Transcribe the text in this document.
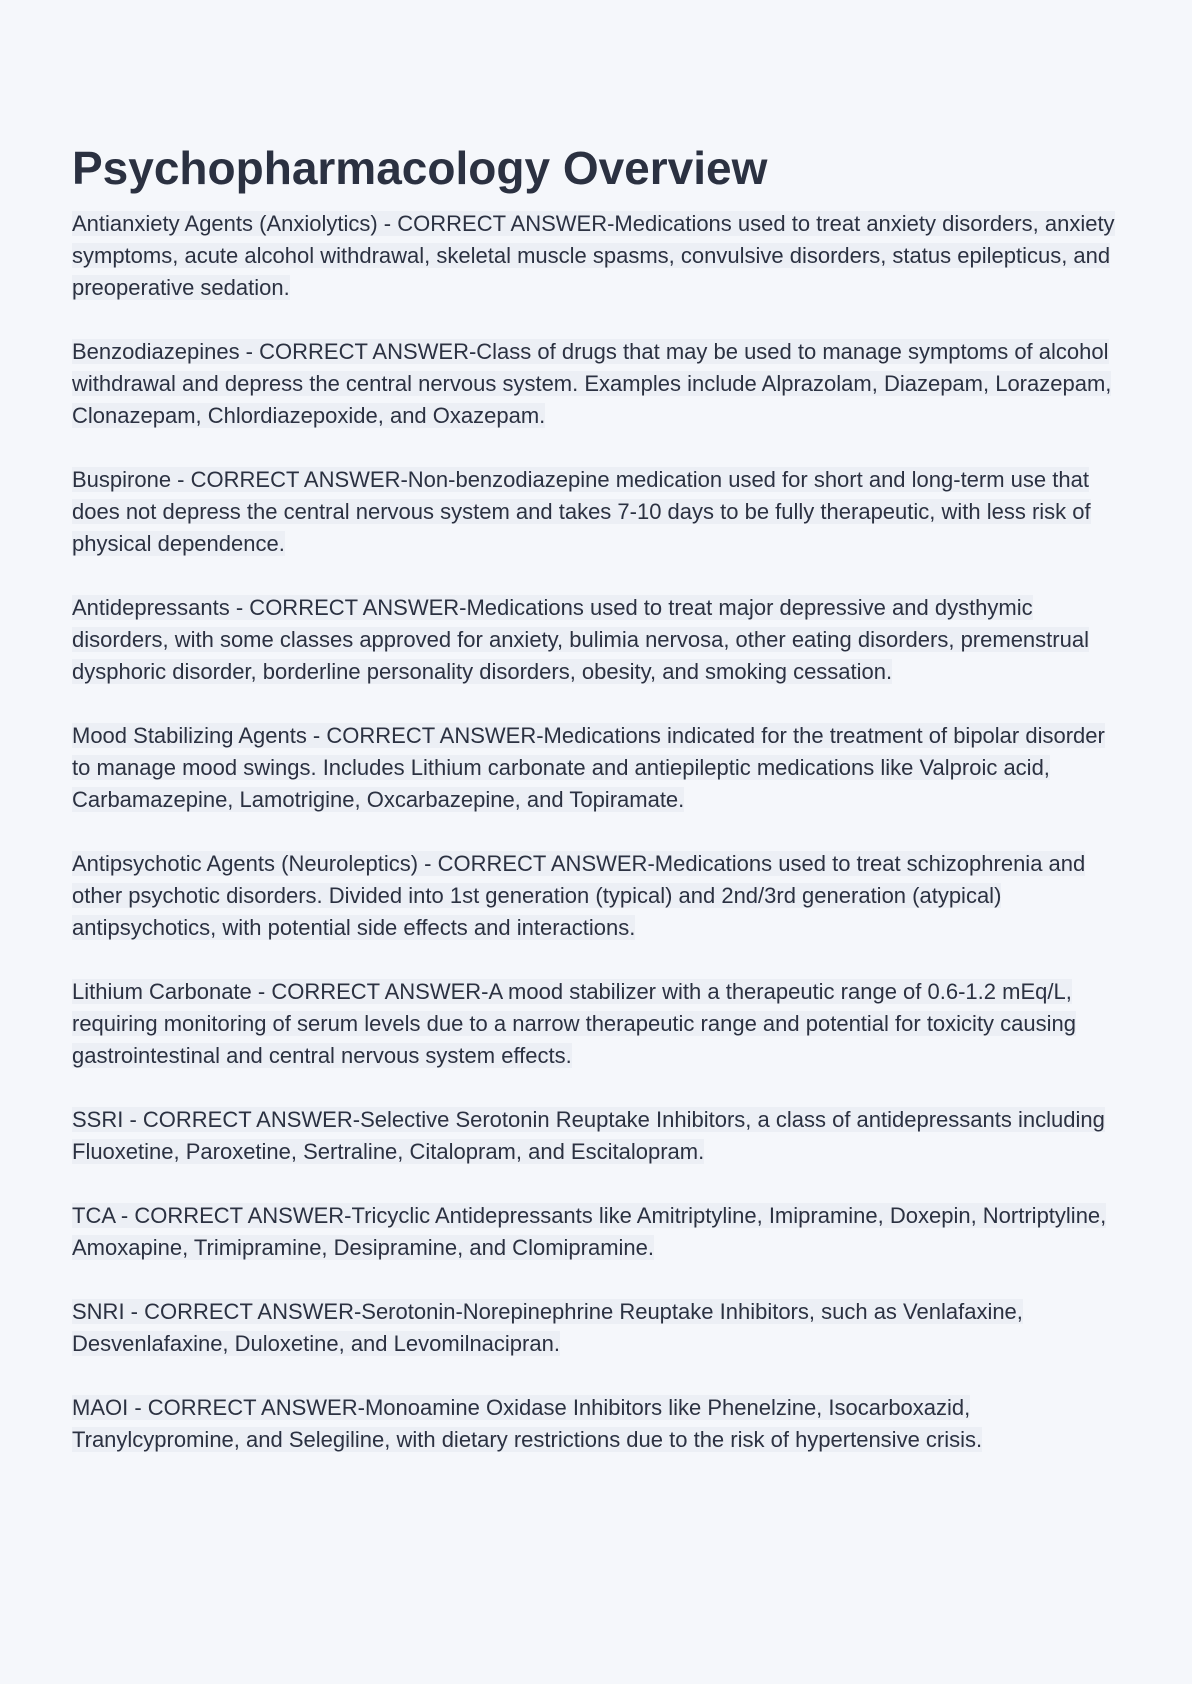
Psychopharmacology Overview

Antianxiety Agents (Anxiolytics) - CORRECT ANSWER-Medications used to treat anxiety disorders, anxiety symptoms, acute alcohol withdrawal, skeletal muscle spasms, convulsive disorders, status epilepticus, and preoperative sedation.

Benzodiazepines - CORRECT ANSWER-Class of drugs that may be used to manage symptoms of alcohol withdrawal and depress the central nervous system. Examples include Alprazolam, Diazepam, Lorazepam, Clonazepam, Chlordiazepoxide, and Oxazepam.

Buspirone - CORRECT ANSWER-Non-benzodiazepine medication used for short and long-term use that does not depress the central nervous system and takes 7-10 days to be fully therapeutic, with less risk of physical dependence.

Antidepressants - CORRECT ANSWER-Medications used to treat major depressive and dysthymic disorders, with some classes approved for anxiety, bulimia nervosa, other eating disorders, premenstrual dysphoric disorder, borderline personality disorders, obesity, and smoking cessation.

Mood Stabilizing Agents - CORRECT ANSWER-Medications indicated for the treatment of bipolar disorder to manage mood swings. Includes Lithium carbonate and antiepileptic medications like Valproic acid, Carbamazepine, Lamotrigine, Oxcarbazepine, and Topiramate.

Antipsychotic Agents (Neuroleptics) - CORRECT ANSWER-Medications used to treat schizophrenia and other psychotic disorders. Divided into 1st generation (typical) and 2nd/3rd generation (atypical) antipsychotics, with potential side effects and interactions.

Lithium Carbonate - CORRECT ANSWER-A mood stabilizer with a therapeutic range of 0.6-1.2 mEq/L, requiring monitoring of serum levels due to a narrow therapeutic range and potential for toxicity causing gastrointestinal and central nervous system effects.

SSRI - CORRECT ANSWER-Selective Serotonin Reuptake Inhibitors, a class of antidepressants including Fluoxetine, Paroxetine, Sertraline, Citalopram, and Escitalopram.

TCA - CORRECT ANSWER-Tricyclic Antidepressants like Amitriptyline, Imipramine, Doxepin, Nortriptyline, Amoxapine, Trimipramine, Desipramine, and Clomipramine.

SNRI - CORRECT ANSWER-Serotonin-Norepinephrine Reuptake Inhibitors, such as Venlafaxine, Desvenlafaxine, Duloxetine, and Levomilnacipran.

MAOI - CORRECT ANSWER-Monoamine Oxidase Inhibitors like Phenelzine, Isocarboxazid, Tranylcypromine, and Selegiline, with dietary restrictions due to the risk of hypertensive crisis.
